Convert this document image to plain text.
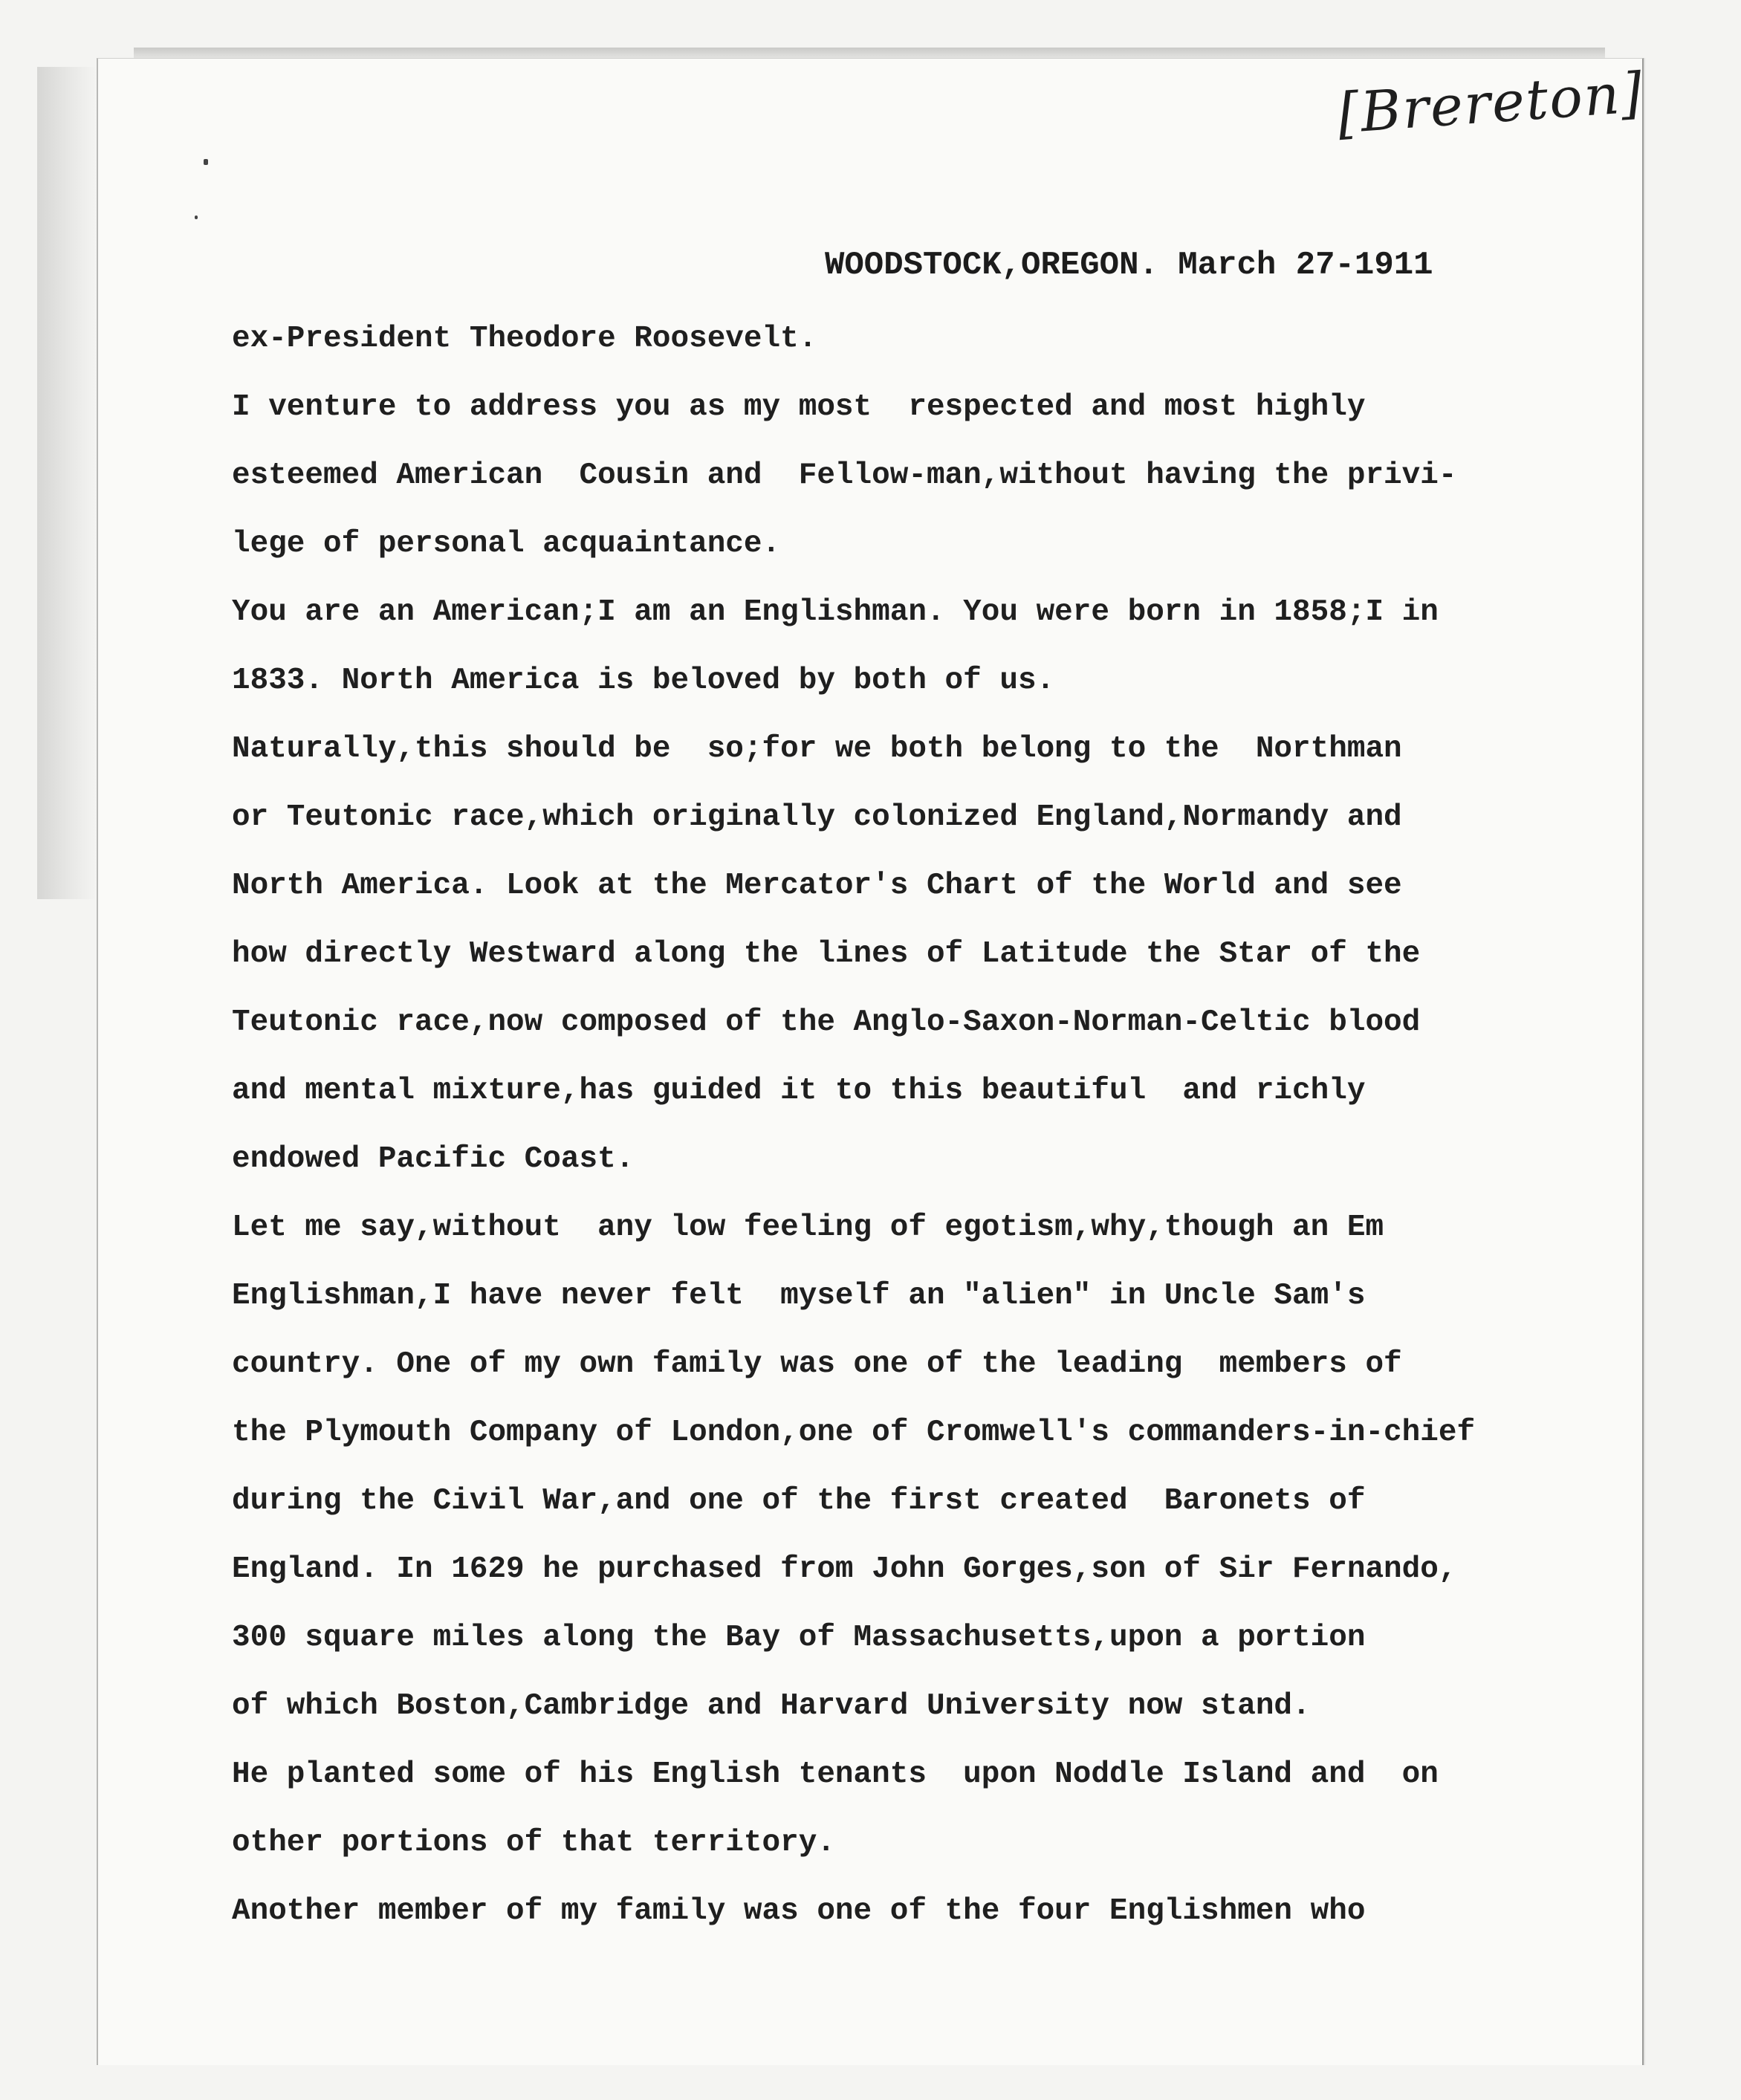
[Brereton]
WOODSTOCK,OREGON. March 27-1911
ex-President Theodore Roosevelt.
I venture to address you as my most  respected and most highly
esteemed American  Cousin and  Fellow-man,without having the privi-
lege of personal acquaintance.
You are an American;I am an Englishman. You were born in 1858;I in
1833. North America is beloved by both of us.
Naturally,this should be  so;for we both belong to the  Northman
or Teutonic race,which originally colonized England,Normandy and
North America. Look at the Mercator's Chart of the World and see
how directly Westward along the lines of Latitude the Star of the
Teutonic race,now composed of the Anglo-Saxon-Norman-Celtic blood
and mental mixture,has guided it to this beautiful  and richly
endowed Pacific Coast.
Let me say,without  any low feeling of egotism,why,though an Em
Englishman,I have never felt  myself an "alien" in Uncle Sam's
country. One of my own family was one of the leading  members of
the Plymouth Company of London,one of Cromwell's commanders-in-chief
during the Civil War,and one of the first created  Baronets of
England. In 1629 he purchased from John Gorges,son of Sir Fernando,
300 square miles along the Bay of Massachusetts,upon a portion
of which Boston,Cambridge and Harvard University now stand.
He planted some of his English tenants  upon Noddle Island and  on
other portions of that territory.
Another member of my family was one of the four Englishmen who
